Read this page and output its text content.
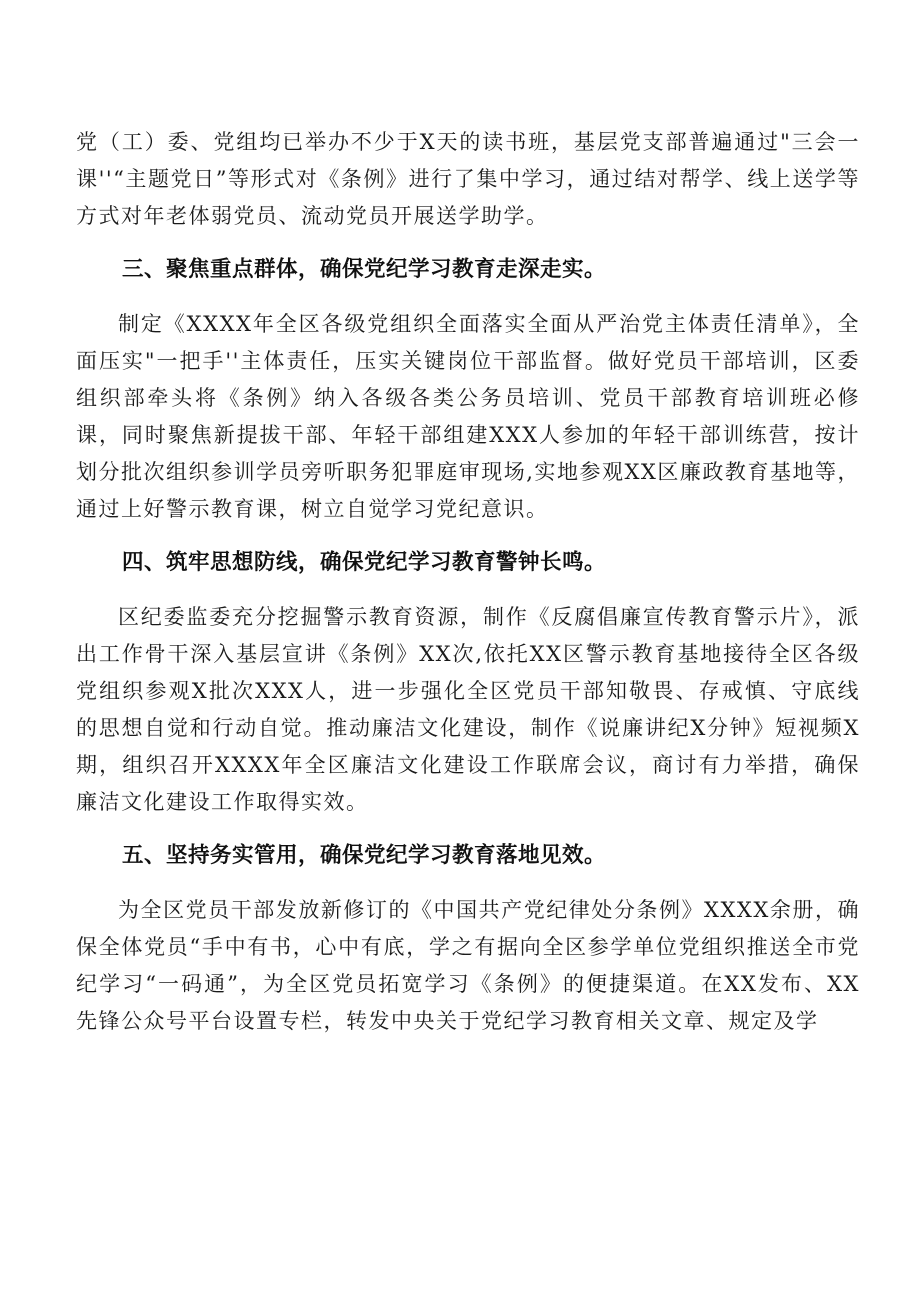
党（工）委、党组均已举办不少于X天的读书班，基层党支部普遍通过"三会一课''“主题党日”等形式对《条例》进行了集中学习，通过结对帮学、线上送学等方式对年老体弱党员、流动党员开展送学助学。

三、聚焦重点群体，确保党纪学习教育走深走实。

制定《XXXX年全区各级党组织全面落实全面从严治党主体责任清单》，全面压实"一把手''主体责任，压实关键岗位干部监督。做好党员干部培训，区委组织部牵头将《条例》纳入各级各类公务员培训、党员干部教育培训班必修课，同时聚焦新提拔干部、年轻干部组建XXX人参加的年轻干部训练营，按计划分批次组织参训学员旁听职务犯罪庭审现场,实地参观XX区廉政教育基地等，通过上好警示教育课，树立自觉学习党纪意识。

四、筑牢思想防线，确保党纪学习教育警钟长鸣。

区纪委监委充分挖掘警示教育资源，制作《反腐倡廉宣传教育警示片》，派出工作骨干深入基层宣讲《条例》XX次,依托XX区警示教育基地接待全区各级党组织参观X批次XXX人，进一步强化全区党员干部知敬畏、存戒慎、守底线的思想自觉和行动自觉。推动廉洁文化建设，制作《说廉讲纪X分钟》短视频X期，组织召开XXXX年全区廉洁文化建设工作联席会议，商讨有力举措，确保廉洁文化建设工作取得实效。

五、坚持务实管用，确保党纪学习教育落地见效。

为全区党员干部发放新修订的《中国共产党纪律处分条例》XXXX余册，确保全体党员“手中有书，心中有底，学之有据向全区参学单位党组织推送全市党纪学习“一码通”，为全区党员拓宽学习《条例》的便捷渠道。在XX发布、XX先锋公众号平台设置专栏，转发中央关于党纪学习教育相关文章、规定及学
